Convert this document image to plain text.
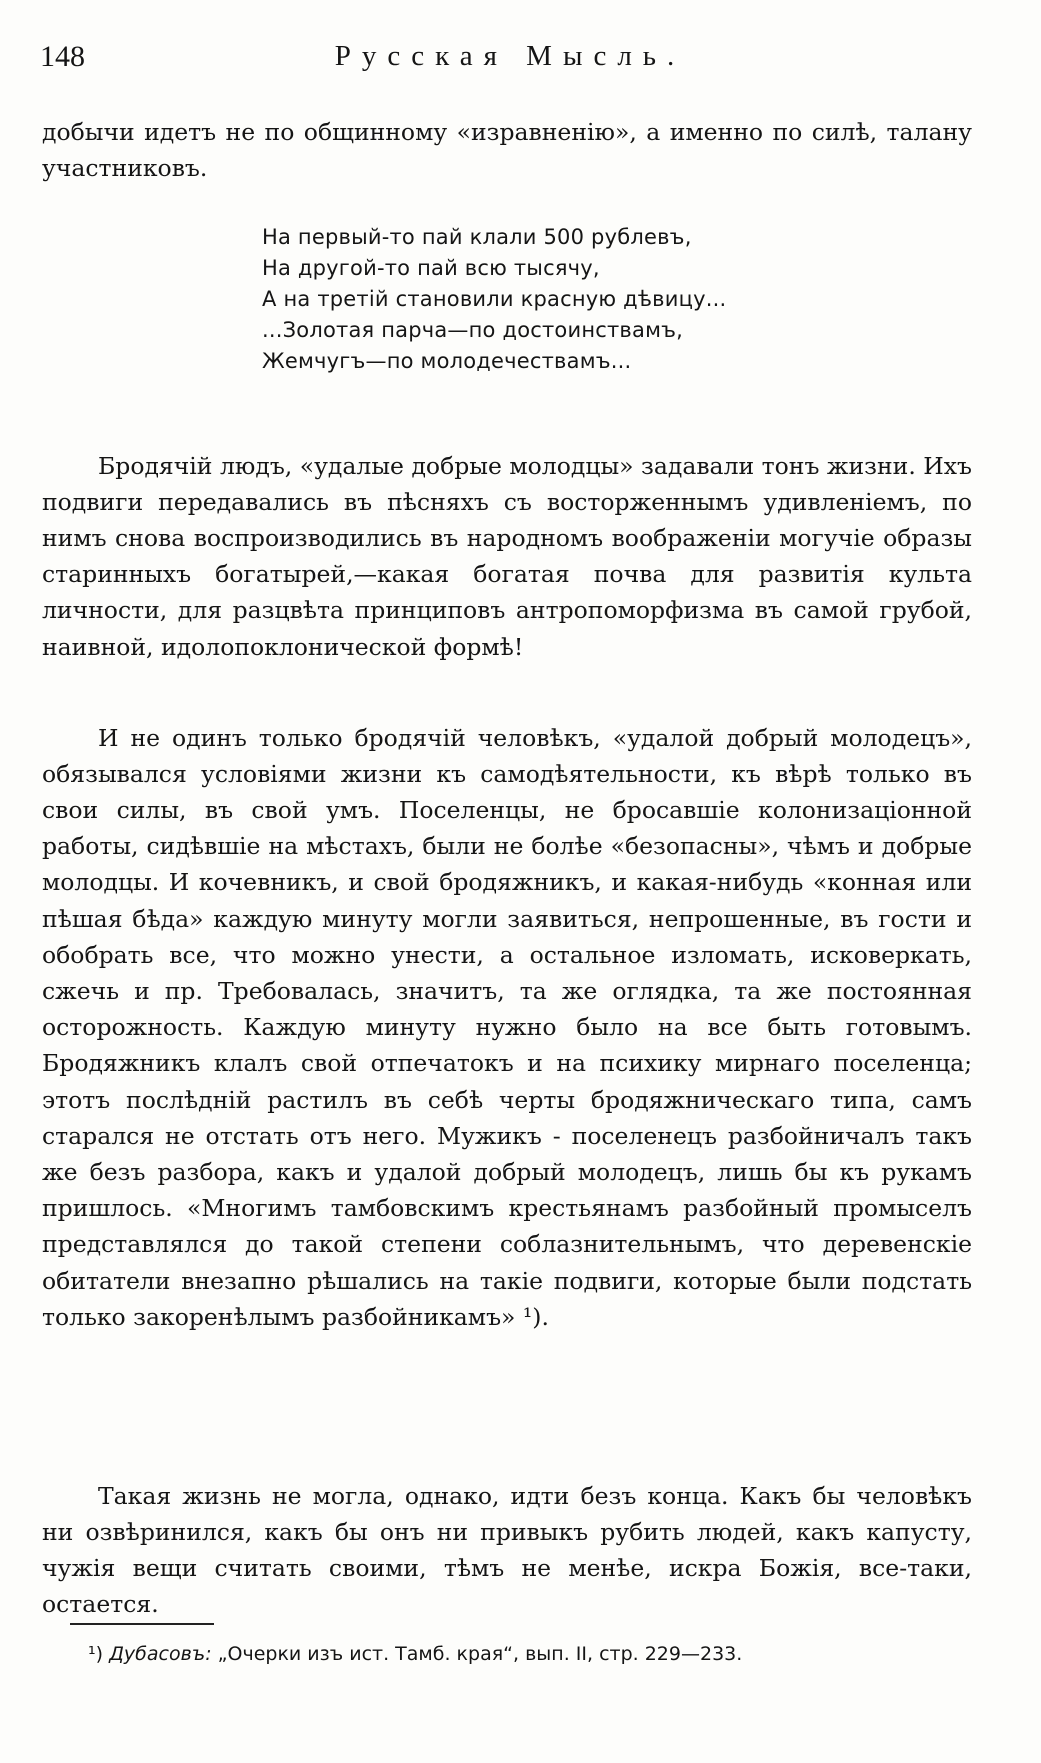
148	Русская Мысль.

добычи идетъ не по общинному «изравненію», а именно по силѣ, талану участниковъ.

На первый-то пай клали 500 рублевъ,
На другой-то пай всю тысячу,
А на третій становили красную дѣвицу...
...Золотая парча—по достоинствамъ,
Жемчугъ—по молодечествамъ...

Бродячій людъ, «удалые добрые молодцы» задавали тонъ жизни. Ихъ подвиги передавались въ пѣсняхъ съ восторженнымъ удивленіемъ, по нимъ снова воспроизводились въ народномъ воображеніи могучіе образы старинныхъ богатырей,—какая богатая почва для развитія культа личности, для разцвѣта принциповъ антропоморфизма въ самой грубой, наивной, идолопоклонической формѣ!

И не одинъ только бродячій человѣкъ, «удалой добрый молодецъ», обязывался условіями жизни къ самодѣятельности, къ вѣрѣ только въ свои силы, въ свой умъ. Поселенцы, не бросавшіе колонизаціонной работы, сидѣвшіе на мѣстахъ, были не болѣе «безопасны», чѣмъ и добрые молодцы. И кочевникъ, и свой бродяжникъ, и какая-нибудь «конная или пѣшая бѣда» каждую минуту могли заявиться, непрошенные, въ гости и обобрать все, что можно унести, а остальное изломать, исковеркать, сжечь и пр. Требовалась, значитъ, та же оглядка, та же постоянная осторожность. Каждую минуту нужно было на все быть готовымъ. Бродяжникъ клалъ свой отпечатокъ и на психику мирнаго поселенца; этотъ послѣдній растилъ въ себѣ черты бродяжническаго типа, самъ старался не отстать отъ него. Мужикъ - поселенецъ разбойничалъ такъ же безъ разбора, какъ и удалой добрый молодецъ, лишь бы къ рукамъ пришлось. «Многимъ тамбовскимъ крестьянамъ разбойный промыселъ представлялся до такой степени соблазнительнымъ, что деревенскіе обитатели внезапно рѣшались на такіе подвиги, которые были подстать только закоренѣлымъ разбойникамъ» ¹).

Такая жизнь не могла, однако, идти безъ конца. Какъ бы человѣкъ ни озвѣринился, какъ бы онъ ни привыкъ рубить людей, какъ капусту, чужія вещи считать своими, тѣмъ не менѣе, искра Божія, все-таки, остается.

¹) Дубасовъ: „Очерки изъ ист. Тамб. края“, вып. II, стр. 229—233.
